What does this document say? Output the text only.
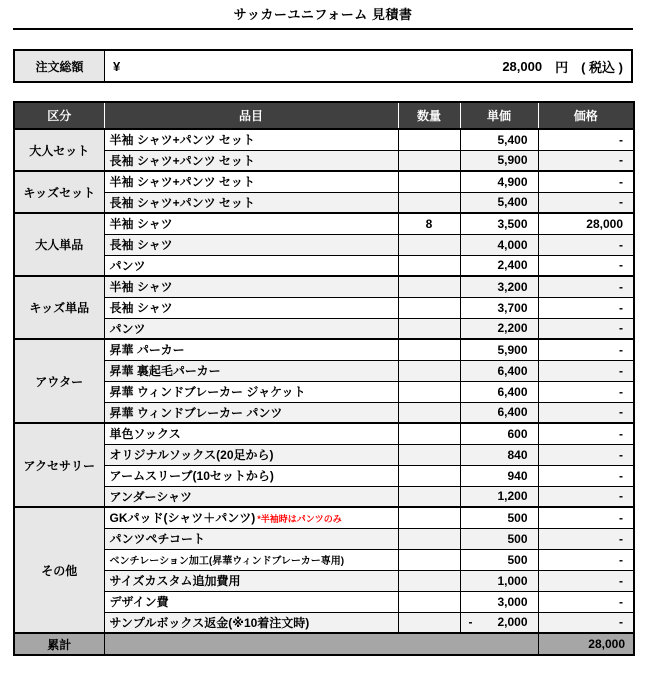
サッカーユニフォーム 見積書
注文総額	¥	28,000 円 ( 税込 )
区分	品目	数量	単価	価格
大人セット	半袖 シャツ+パンツ セット		5,400	-
	長袖 シャツ+パンツ セット		5,900	-
キッズセット	半袖 シャツ+パンツ セット		4,900	-
	長袖 シャツ+パンツ セット		5,400	-
大人単品	半袖 シャツ	8	3,500	28,000
	長袖 シャツ		4,000	-
	パンツ		2,400	-
キッズ単品	半袖 シャツ		3,200	-
	長袖 シャツ		3,700	-
	パンツ		2,200	-
アウター	昇華 パーカー		5,900	-
	昇華 裏起毛パーカー		6,400	-
	昇華 ウィンドブレーカー ジャケット		6,400	-
	昇華 ウィンドブレーカー パンツ		6,400	-
アクセサリー	単色ソックス		600	-
	オリジナルソックス(20足から)		840	-
	アームスリーブ(10セットから)		940	-
	アンダーシャツ		1,200	-
その他	GKパッド(シャツ＋パンツ) *半袖時はパンツのみ		500	-
	パンツペチコート		500	-
	ベンチレーション加工(昇華ウィンドブレーカー専用)		500	-
	サイズカスタム追加費用		1,000	-
	デザイン費		3,000	-
	サンプルボックス返金(※10着注文時)		- 2,000	-
累計				28,000
